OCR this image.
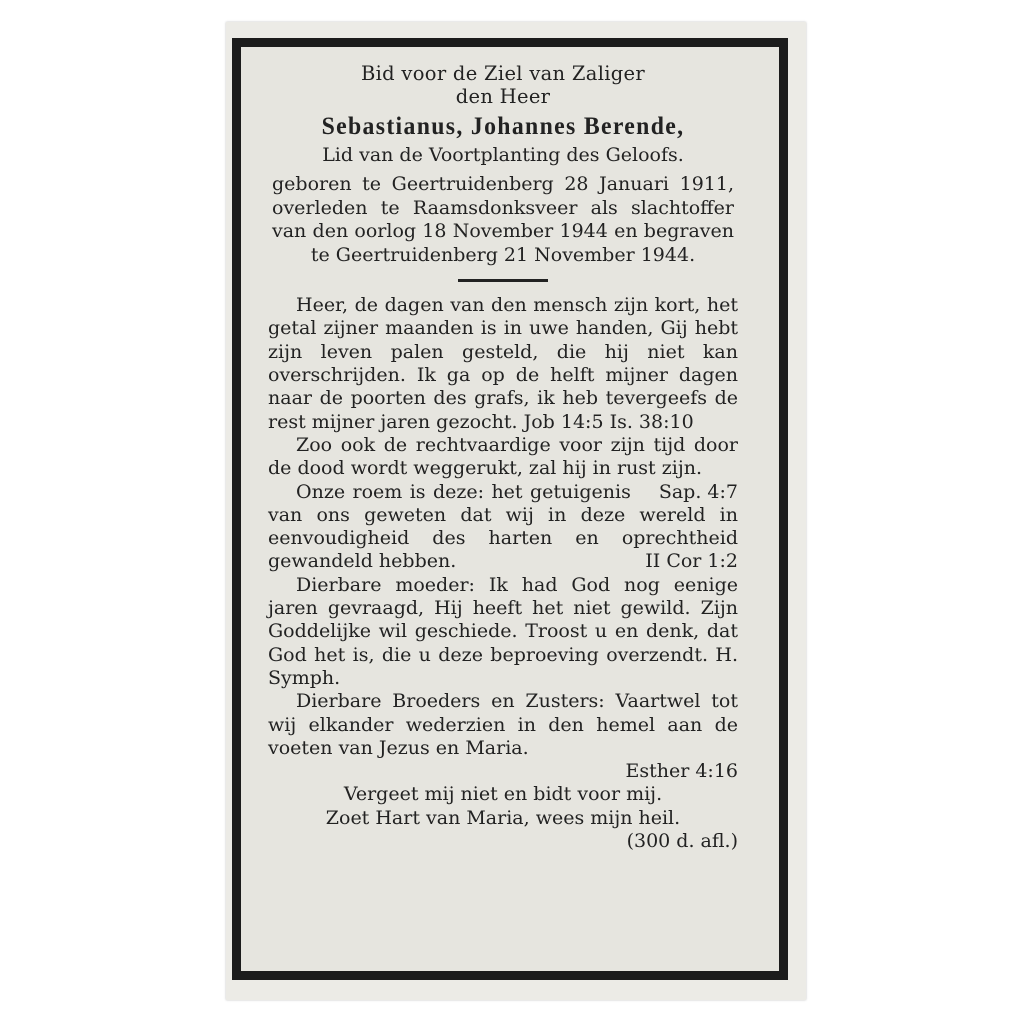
Bid voor de Ziel van Zaliger
den Heer
Sebastianus, Johannes Berende,
Lid van de Voortplanting des Geloofs.
geboren te Geertruidenberg 28 Januari 1911, overleden te Raamsdonksveer als slachtoffer van den oorlog 18 November 1944 en begraven te Geertruidenberg 21 November 1944.
Heer, de dagen van den mensch zijn kort, het getal zijner maanden is in uwe handen, Gij hebt zijn leven palen gesteld, die hij niet kan overschrijden. Ik ga op de helft mijner dagen naar de poorten des grafs, ik heb tevergeefs de rest mijner jaren gezocht. Job 14:5 Is. 38:10
Zoo ook de rechtvaardige voor zijn tijd door de dood wordt weggerukt, zal hij in rust zijn.
Sap. 4:7
Onze roem is deze: het getuigenis van ons geweten dat wij in deze wereld in eenvoudigheid des harten en oprechtheid gewandeld hebben.	II Cor 1:2
Dierbare moeder: Ik had God nog eenige jaren gevraagd, Hij heeft het niet gewild. Zijn Goddelijke wil geschiede. Troost u en denk, dat God het is, die u deze beproeving overzendt. H. Symph.
Dierbare Broeders en Zusters: Vaartwel tot wij elkander wederzien in den hemel aan de voeten van Jezus en Maria.
Esther 4:16
Vergeet mij niet en bidt voor mij.
Zoet Hart van Maria, wees mijn heil.
(300 d. afl.)
